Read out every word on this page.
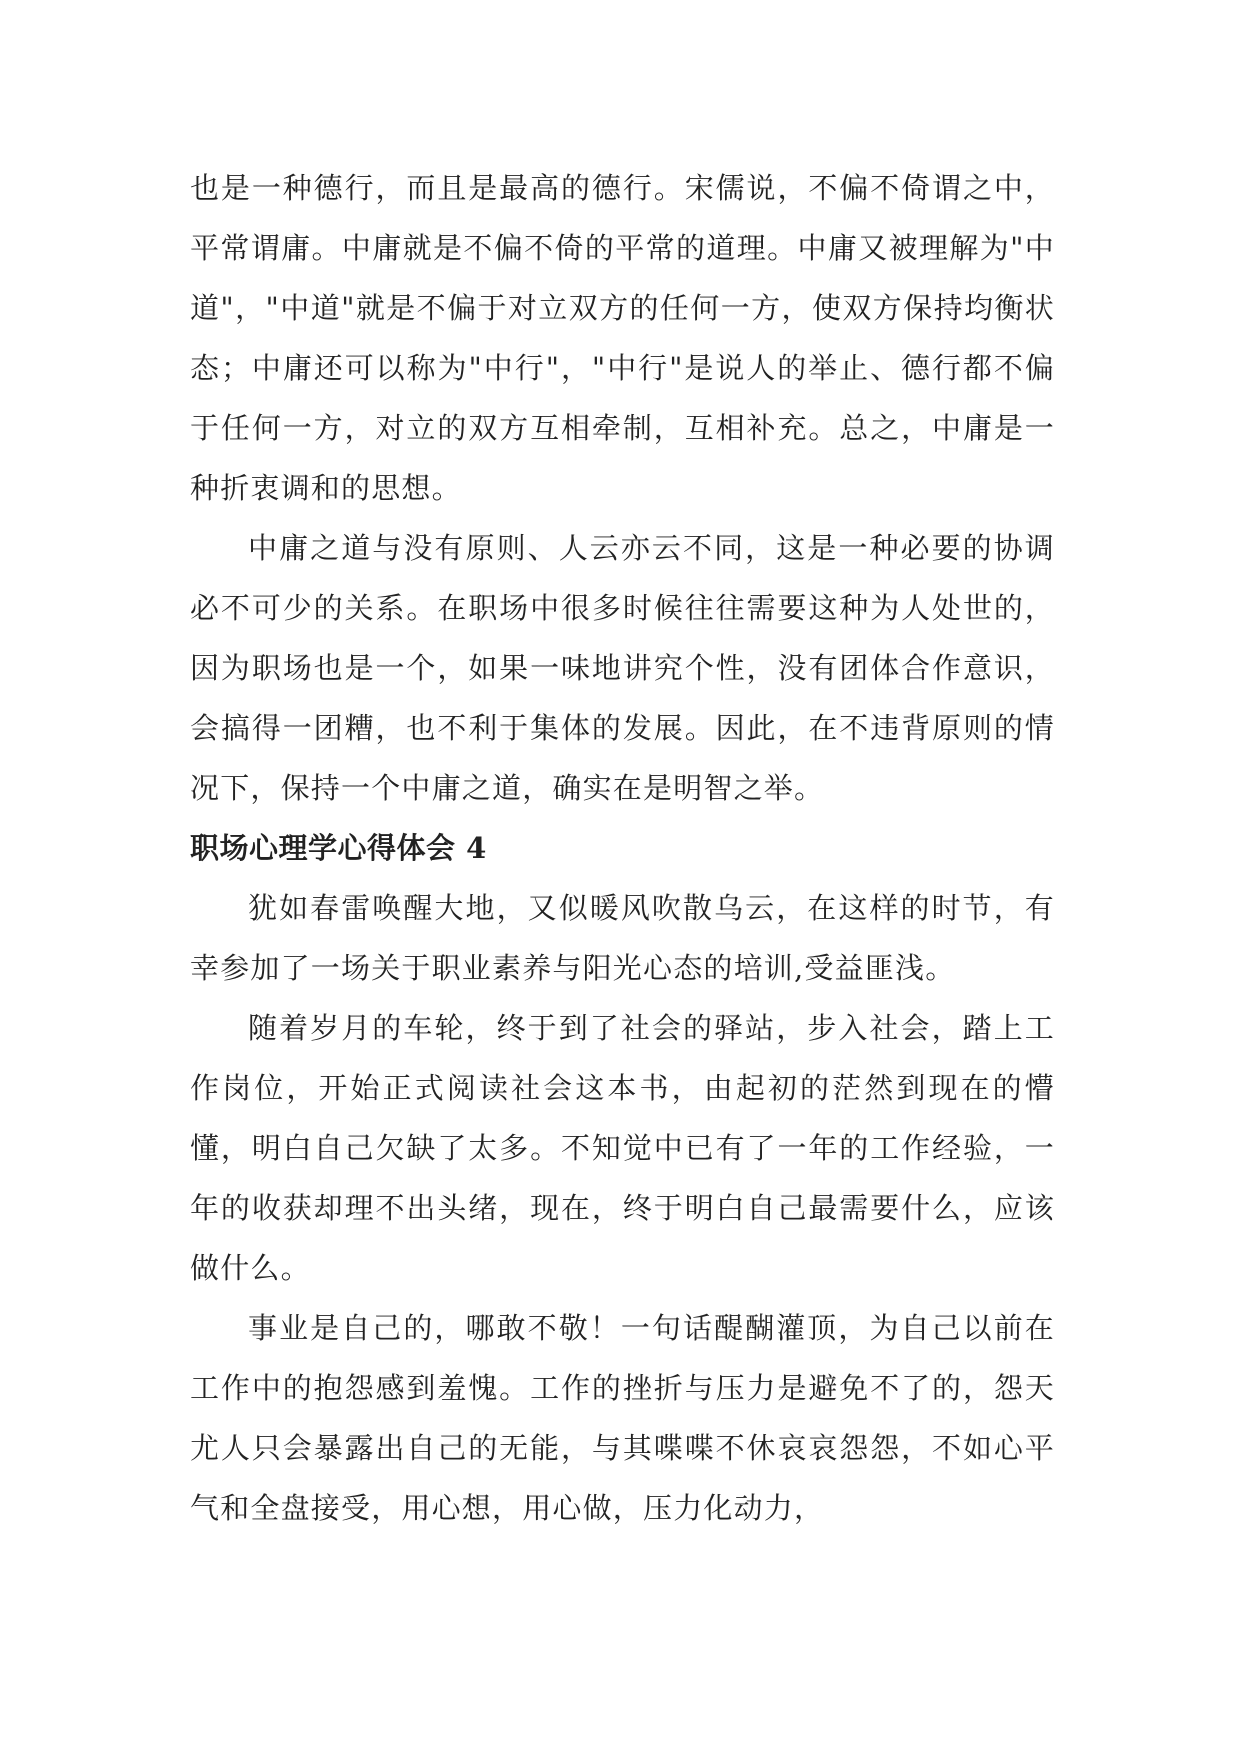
也是一种德行，而且是最高的德行。宋儒说，不偏不倚谓之中，平常谓庸。中庸就是不偏不倚的平常的道理。中庸又被理解为"中道"，"中道"就是不偏于对立双方的任何一方，使双方保持均衡状态；中庸还可以称为"中行"，"中行"是说人的举止、德行都不偏于任何一方，对立的双方互相牵制，互相补充。总之，中庸是一种折衷调和的思想。

中庸之道与没有原则、人云亦云不同，这是一种必要的协调必不可少的关系。在职场中很多时候往往需要这种为人处世的，因为职场也是一个，如果一味地讲究个性，没有团体合作意识，会搞得一团糟，也不利于集体的发展。因此，在不违背原则的情况下，保持一个中庸之道，确实在是明智之举。

职场心理学心得体会 4

犹如春雷唤醒大地，又似暖风吹散乌云，在这样的时节，有幸参加了一场关于职业素养与阳光心态的培训,受益匪浅。

随着岁月的车轮，终于到了社会的驿站，步入社会，踏上工作岗位，开始正式阅读社会这本书，由起初的茫然到现在的懵懂，明白自己欠缺了太多。不知觉中已有了一年的工作经验，一年的收获却理不出头绪，现在，终于明白自己最需要什么，应该做什么。

事业是自己的，哪敢不敬！一句话醍醐灌顶，为自己以前在工作中的抱怨感到羞愧。工作的挫折与压力是避免不了的，怨天尤人只会暴露出自己的无能，与其喋喋不休哀哀怨怨，不如心平气和全盘接受，用心想，用心做，压力化动力，
